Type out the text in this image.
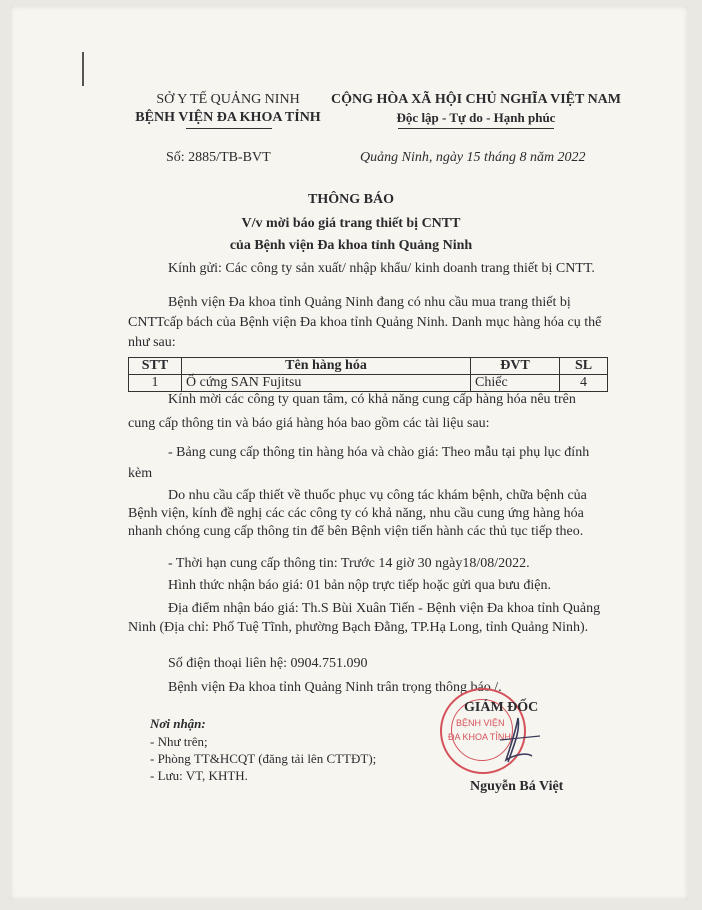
SỞ Y TẾ QUẢNG NINH
BỆNH VIỆN ĐA KHOA TỈNH
CỘNG HÒA XÃ HỘI CHỦ NGHĨA VIỆT NAM
Độc lập - Tự do - Hạnh phúc
Số: 2885/TB-BVT	Quảng Ninh, ngày 15 tháng 8 năm 2022
THÔNG BÁO
V/v mời báo giá trang thiết bị CNTT
của Bệnh viện Đa khoa tỉnh Quảng Ninh
Kính gửi: Các công ty sản xuất/ nhập khẩu/ kinh doanh trang thiết bị CNTT.
Bệnh viện Đa khoa tỉnh Quảng Ninh đang có nhu cầu mua trang thiết bị CNTTcấp bách của Bệnh viện Đa khoa tỉnh Quảng Ninh. Danh mục hàng hóa cụ thể như sau:
STT	Tên hàng hóa	ĐVT	SL
1	Ổ cứng SAN Fujitsu	Chiếc	4
Kính mời các công ty quan tâm, có khả năng cung cấp hàng hóa nêu trên
cung cấp thông tin và báo giá hàng hóa bao gồm các tài liệu sau:
- Bảng cung cấp thông tin hàng hóa và chào giá: Theo mẫu tại phụ lục đính kèm
Do nhu cầu cấp thiết về thuốc phục vụ công tác khám bệnh, chữa bệnh của Bệnh viện, kính đề nghị các các công ty có khả năng, nhu cầu cung ứng hàng hóa nhanh chóng cung cấp thông tin để bên Bệnh viện tiến hành các thủ tục tiếp theo.
- Thời hạn cung cấp thông tin: Trước 14 giờ 30 ngày18/08/2022.
Hình thức nhận báo giá: 01 bản nộp trực tiếp hoặc gửi qua bưu điện.
Địa điểm nhận báo giá: Th.S Bùi Xuân Tiến - Bệnh viện Đa khoa tỉnh Quảng Ninh (Địa chỉ: Phố Tuệ Tĩnh, phường Bạch Đằng, TP.Hạ Long, tỉnh Quảng Ninh).
Số điện thoại liên hệ: 0904.751.090
Bệnh viện Đa khoa tỉnh Quảng Ninh trân trọng thông báo./.
Nơi nhận:
- Như trên;
- Phòng TT&HCQT (đăng tải lên CTTĐT);
- Lưu: VT, KHTH.
BỆNH VIỆN
ĐA KHOA TỈNH
GIÁM ĐỐC
Nguyễn Bá Việt
